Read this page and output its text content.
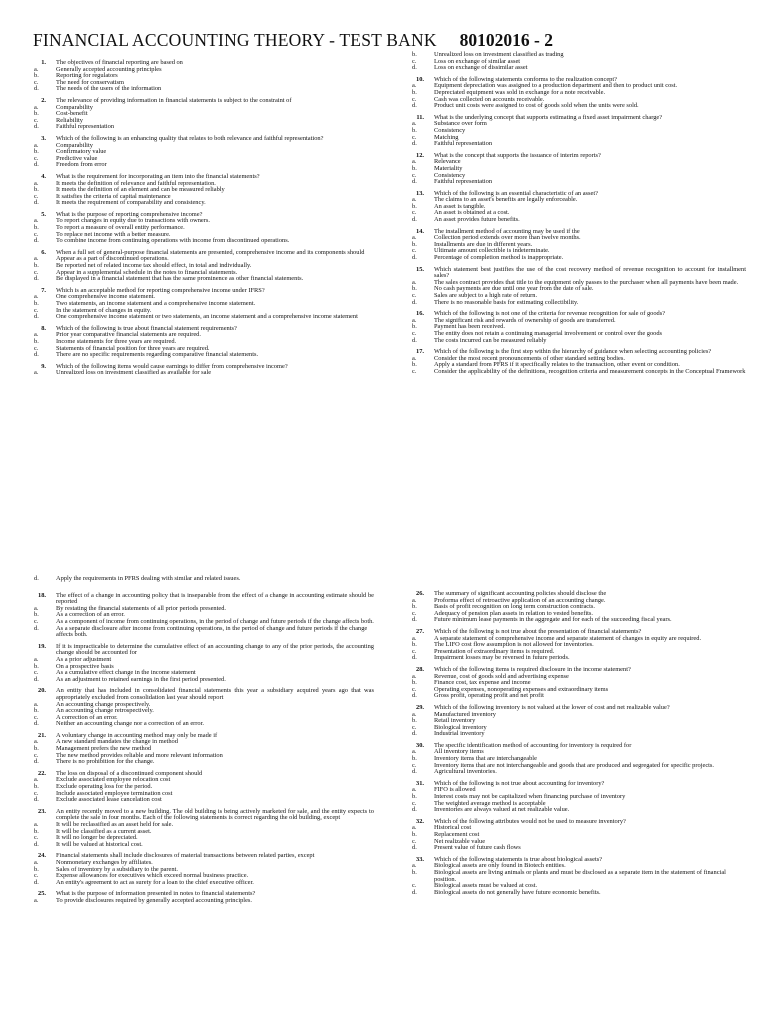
FINANCIAL ACCOUNTING THEORY - TEST BANK 80102016 - 2
1.	The objectives of financial reporting are based on
a.	Generally accepted accounting principles
b.	Reporting for regulators
c.	The need for conservatism
d.	The needs of the users of the information
2.	The relevance of providing information in financial statements is subject to the constraint of
a.	Comparability
b.	Cost-benefit
c.	Reliability
d.	Faithful representation
3.	Which of the following is an enhancing quality that relates to both relevance and faithful representation?
a.	Comparability
b.	Confirmatory value
c.	Predictive value
d.	Freedom from error
4.	What is the requirement for incorporating an item into the financial statements?
a.	It meets the definition of relevance and faithful representation.
b.	It meets the definition of an element and can be measured reliably
c.	It satisfies the criteria of capital maintenance
d.	It meets the requirement of comparability and consistency.
5.	What is the purpose of reporting comprehensive income?
a.	To report changes in equity due to transactions with owners.
b.	To report a measure of overall entity performance.
c.	To replace net income with a better measure.
d.	To combine income from continuing operations with income from discontinued operations.
6.	When a full set of general-purpose financial statements are presented, comprehensive income and its components should
a.	Appear as a part of discontinued operations.
b.	Be reported net of related income tax should effect, in total and individually.
c.	Appear in a supplemental schedule in the notes to financial statements.
d.	Be displayed in a financial statement that has the same prominence as other financial statements.
7.	Which is an acceptable method for reporting comprehensive income under IFRS?
a.	One comprehensive income statement.
b.	Two statements, an income statement and a comprehensive income statement.
c.	In the statement of changes in equity.
d.	One comprehensive income statement or two statements, an income statement and a comprehensive income statement
8.	Which of the following is true about financial statement requirements?
a.	Prior year comparative financial statements are required.
b.	Income statements for three years are required.
c.	Statements of financial position for three years are required.
d.	There are no specific requirements regarding comparative financial statements.
9.	Which of the following items would cause earnings to differ from comprehensive income?
a.	Unrealized loss on investment classified as available for sale
b.	Unrealized loss on investment classified as trading
c.	Loss on exchange of similar asset
d.	Loss on exchange of dissimilar asset
10.	Which of the following statements conforms to the realization concept?
a.	Equipment depreciation was assigned to a production department and then to product unit cost.
b.	Depreciated equipment was sold in exchange for a note receivable.
c.	Cash was collected on accounts receivable.
d.	Product unit costs were assigned to cost of goods sold when the units were sold.
11.	What is the underlying concept that supports estimating a fixed asset impairment charge?
a.	Substance over form
b.	Consistency
c.	Matching
d.	Faithful representation
12.	What is the concept that supports the issuance of interim reports?
a.	Relevance
b.	Materiality
c.	Consistency
d.	Faithful representation
13.	Which of the following is an essential characteristic of an asset?
a.	The claims to an asset's benefits are legally enforceable.
b.	An asset is tangible.
c.	An asset is obtained at a cost.
d.	An asset provides future benefits.
14.	The installment method of accounting may be used if the
a.	Collection period extends over more than twelve months.
b.	Installments are due in different years.
c.	Ultimate amount collectible is indeterminate.
d.	Percentage of completion method is inappropriate.
15.	Which statement best justifies the use of the cost recovery method of revenue recognition to account for installment sales?
a.	The sales contract provides that title to the equipment only passes to the purchaser when all payments have been made.
b.	No cash payments are due until one year from the date of sale.
c.	Sales are subject to a high rate of return.
d.	There is no reasonable basis for estimating collectibility.
16.	Which of the following is not one of the criteria for revenue recognition for sale of goods?
a.	The significant risk and rewards of ownership of goods are transferred.
b.	Payment has been received.
c.	The entity does not retain a continuing managerial involvement or control over the goods
d.	The costs incurred can be measured reliably
17.	Which of the following is the first step within the hierarchy of guidance when selecting accounting policies?
a.	Consider the most recent pronouncements of other standard setting bodies.
b.	Apply a standard from PFRS if it specifically relates to the transaction, other event or condition.
c.	Consider the applicability of the definitions, recognition criteria and measurement concepts in the Conceptual Framework
d.	Apply the requirements in PFRS dealing with similar and related issues.
18.	The effect of a change in accounting policy that is inseparable from the effect of a change in accounting estimate should be reported
a.	By restating the financial statements of all prior periods presented.
b.	As a correction of an error.
c.	As a component of income from continuing operations, in the period of change and future periods if the change affects both.
d.	As a separate disclosure after income from continuing operations, in the period of change and future periods if the change affects both.
19.	If it is impracticable to determine the cumulative effect of an accounting change to any of the prior periods, the accounting change should be accounted for
a.	As a prior adjustment
b.	On a prospective basis
c.	As a cumulative effect change in the income statement
d.	As an adjustment to retained earnings in the first period presented.
20.	An entity that has included in consolidated financial statements this year a subsidiary acquired years ago that was appropriately excluded from consolidation last year should report
a.	An accounting change prospectively.
b.	An accounting change retrospectively.
c.	A correction of an error.
d.	Neither an accounting change nor a correction of an error.
21.	A voluntary change in accounting method may only be made if
a.	A new standard mandates the change in method
b.	Management prefers the new method
c.	The new method provides reliable and more relevant information
d.	There is no prohibition for the change.
22.	The loss on disposal of a discontinued component should
a.	Exclude associated employee relocation cost
b.	Exclude operating loss for the period.
c.	Include associated employee termination cost
d.	Exclude associated lease cancelation cost
23.	An entity recently moved to a new building. The old building is being actively marketed for sale, and the entity expects to complete the sale in four months. Each of the following statements is correct regarding the old building, except
a.	It will be reclassified as an asset held for sale.
b.	It will be classified as a current asset.
c.	It will no longer be depreciated.
d.	It will be valued at historical cost.
24.	Financial statements shall include disclosures of material transactions between related parties, except
a.	Nonmonetary exchanges by affiliates.
b.	Sales of inventory by a subsidiary to the parent.
c.	Expense allowances for executives which exceed normal business practice.
d.	An entity's agreement to act as surety for a loan to the chief executive officer.
25.	What is the purpose of information presented in notes to financial statements?
a.	To provide disclosures required by generally accepted accounting principles.
26.	The summary of significant accounting policies should disclose the
a.	Proforma effect of retroactive application of an accounting change.
b.	Basis of profit recognition on long term construction contracts.
c.	Adequacy of pension plan assets in relation to vested benefits.
d.	Future minimum lease payments in the aggregate and for each of the succeeding fiscal years.
27.	Which of the following is not true about the presentation of financial statements?
a.	A separate statement of comprehensive income and separate statement of changes in equity are required.
b.	The LIFO cost flow assumption is not allowed for inventories.
c.	Presentation of extraordinary items is required.
d.	Impairment losses may be reversed in future periods.
28.	Which of the following items is required disclosure in the income statement?
a.	Revenue, cost of goods sold and advertising expense
b.	Finance cost, tax expense and income
c.	Operating expenses, nonoperating expenses and extraordinary items
d.	Gross profit, operating profit and net profit
29.	Which of the following inventory is not valued at the lower of cost and net realizable value?
a.	Manufactured inventory
b.	Retail inventory
c.	Biological inventory
d.	Industrial inventory
30.	The specific identification method of accounting for inventory is required for
a.	All inventory items
b.	Inventory items that are interchangeable
c.	Inventory items that are not interchangeable and goods that are produced and segregated for specific projects.
d.	Agricultural inventories.
31.	Which of the following is not true about accounting for inventory?
a.	FIFO is allowed
b.	Interest costs may not be capitalized when financing purchase of inventory
c.	The weighted average method is acceptable
d.	Inventories are always valued at net realizable value.
32.	Which of the following attributes would not be used to measure inventory?
a.	Historical cost
b.	Replacement cost
c.	Net realizable value
d.	Present value of future cash flows
33.	Which of the following statements is true about biological assets?
a.	Biological assets are only found in Biotech entities.
b.	Biological assets are living animals or plants and must be disclosed as a separate item in the statement of financial position.
c.	Biological assets must be valued at cost.
d.	Biological assets do not generally have future economic benefits.
